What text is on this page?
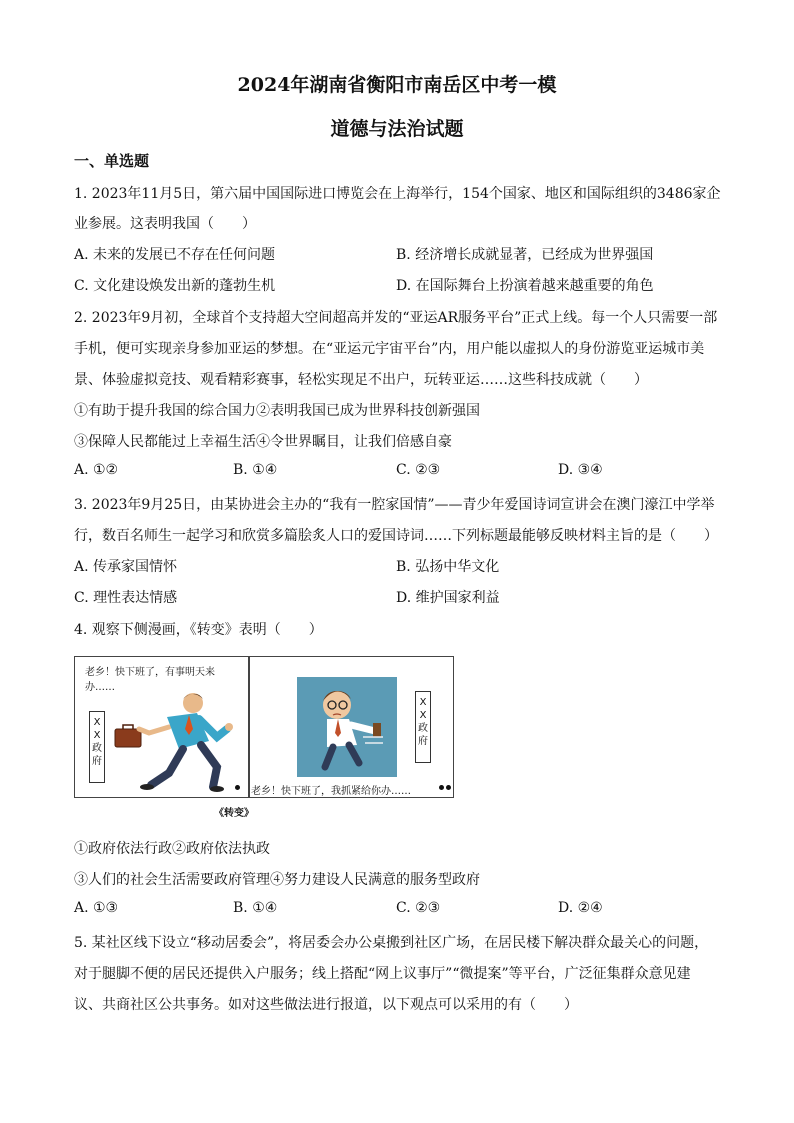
2024年湖南省衡阳市南岳区中考一模
道德与法治试题
一、单选题
1. 2023年11月5日，第六届中国国际进口博览会在上海举行，154个国家、地区和国际组织的3486家企
业参展。这表明我国（　　）
A. 未来的发展已不存在任何问题	B. 经济增长成就显著，已经成为世界强国
C. 文化建设焕发出新的蓬勃生机	D. 在国际舞台上扮演着越来越重要的角色
2. 2023年9月初，全球首个支持超大空间超高并发的“亚运AR服务平台”正式上线。每一个人只需要一部
手机，便可实现亲身参加亚运的梦想。在“亚运元宇宙平台”内，用户能以虚拟人的身份游览亚运城市美
景、体验虚拟竞技、观看精彩赛事，轻松实现足不出户，玩转亚运……这些科技成就（　　）
①有助于提升我国的综合国力②表明我国已成为世界科技创新强国
③保障人民都能过上幸福生活④令世界瞩目，让我们倍感自豪
A. ①②	B. ①④	C. ②③	D. ③④
3. 2023年9月25日，由某协进会主办的“我有一腔家国情”——青少年爱国诗词宣讲会在澳门濠江中学举
行，数百名师生一起学习和欣赏多篇脍炙人口的爱国诗词……下列标题最能够反映材料主旨的是（　　）
A. 传承家国情怀	B. 弘扬中华文化
C. 理性表达情感	D. 维护国家利益
4. 观察下侧漫画，《转变》表明（　　）
老乡！快下班了，有事明天来
办……
X
X
政
府
X
X
政
府
老乡！快下班了，我抓紧给你办……
《转变》
①政府依法行政②政府依法执政
③人们的社会生活需要政府管理④努力建设人民满意的服务型政府
A. ①③	B. ①④	C. ②③	D. ②④
5. 某社区线下设立“移动居委会”，将居委会办公桌搬到社区广场，在居民楼下解决群众最关心的问题，
对于腿脚不便的居民还提供入户服务；线上搭配“网上议事厅”“微提案”等平台，广泛征集群众意见建
议、共商社区公共事务。如对这些做法进行报道，以下观点可以采用的有（　　）
